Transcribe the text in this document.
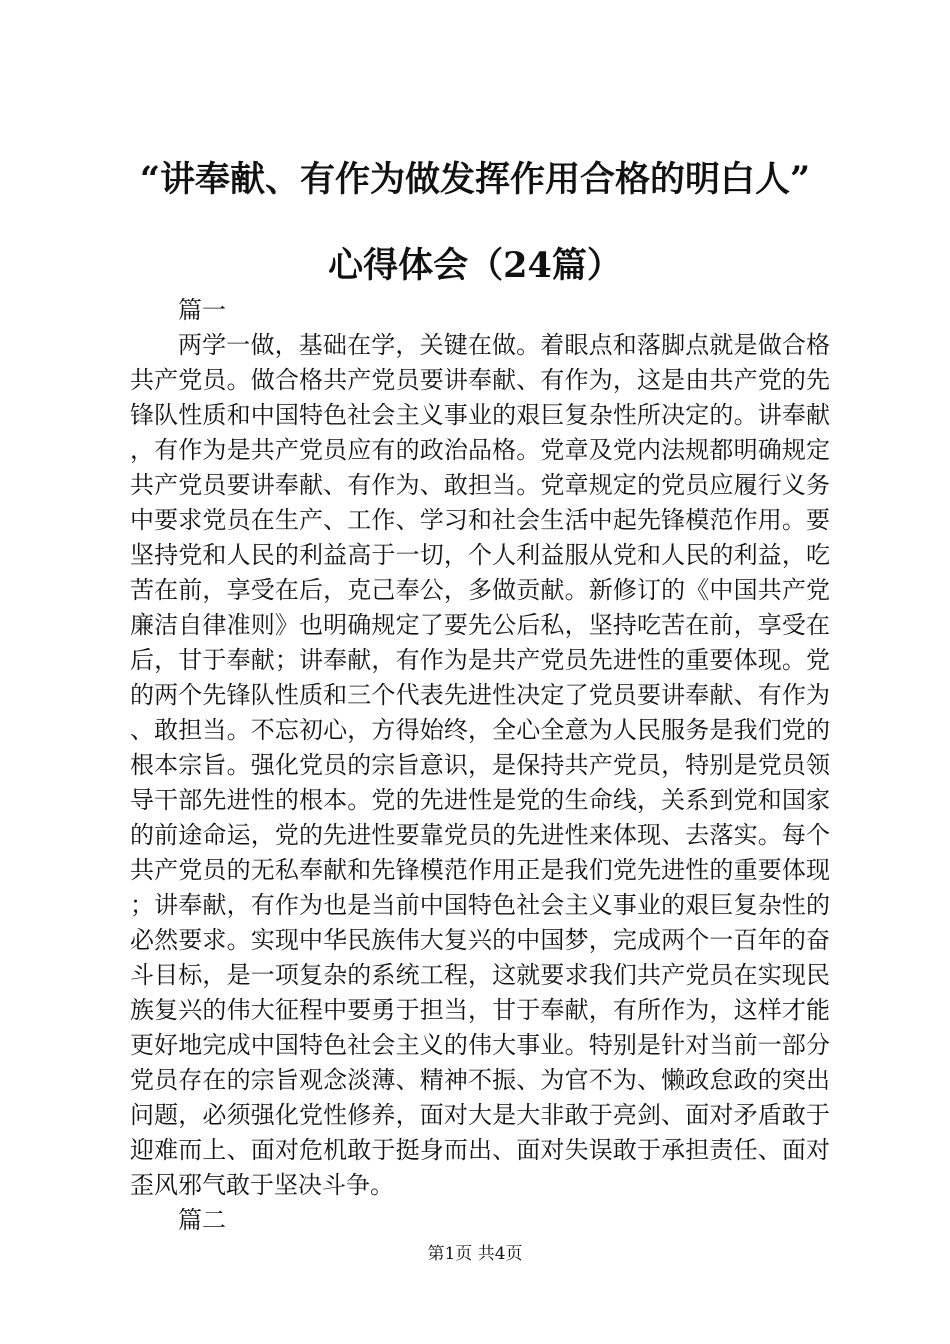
“讲奉献、有作为做发挥作用合格的明白人”
心得体会（24篇）

篇一

两学一做，基础在学，关键在做。着眼点和落脚点就是做合格共产党员。做合格共产党员要讲奉献、有作为，这是由共产党的先锋队性质和中国特色社会主义事业的艰巨复杂性所决定的。讲奉献，有作为是共产党员应有的政治品格。党章及党内法规都明确规定共产党员要讲奉献、有作为、敢担当。党章规定的党员应履行义务中要求党员在生产、工作、学习和社会生活中起先锋模范作用。要坚持党和人民的利益高于一切，个人利益服从党和人民的利益，吃苦在前，享受在后，克己奉公，多做贡献。新修订的《中国共产党廉洁自律准则》也明确规定了要先公后私，坚持吃苦在前，享受在后，甘于奉献；讲奉献，有作为是共产党员先进性的重要体现。党的两个先锋队性质和三个代表先进性决定了党员要讲奉献、有作为、敢担当。不忘初心，方得始终，全心全意为人民服务是我们党的根本宗旨。强化党员的宗旨意识，是保持共产党员，特别是党员领导干部先进性的根本。党的先进性是党的生命线，关系到党和国家的前途命运，党的先进性要靠党员的先进性来体现、去落实。每个共产党员的无私奉献和先锋模范作用正是我们党先进性的重要体现；讲奉献，有作为也是当前中国特色社会主义事业的艰巨复杂性的必然要求。实现中华民族伟大复兴的中国梦，完成两个一百年的奋斗目标，是一项复杂的系统工程，这就要求我们共产党员在实现民族复兴的伟大征程中要勇于担当，甘于奉献，有所作为，这样才能更好地完成中国特色社会主义的伟大事业。特别是针对当前一部分党员存在的宗旨观念淡薄、精神不振、为官不为、懒政怠政的突出问题，必须强化党性修养，面对大是大非敢于亮剑、面对矛盾敢于迎难而上、面对危机敢于挺身而出、面对失误敢于承担责任、面对歪风邪气敢于坚决斗争。

篇二

第1页 共4页
